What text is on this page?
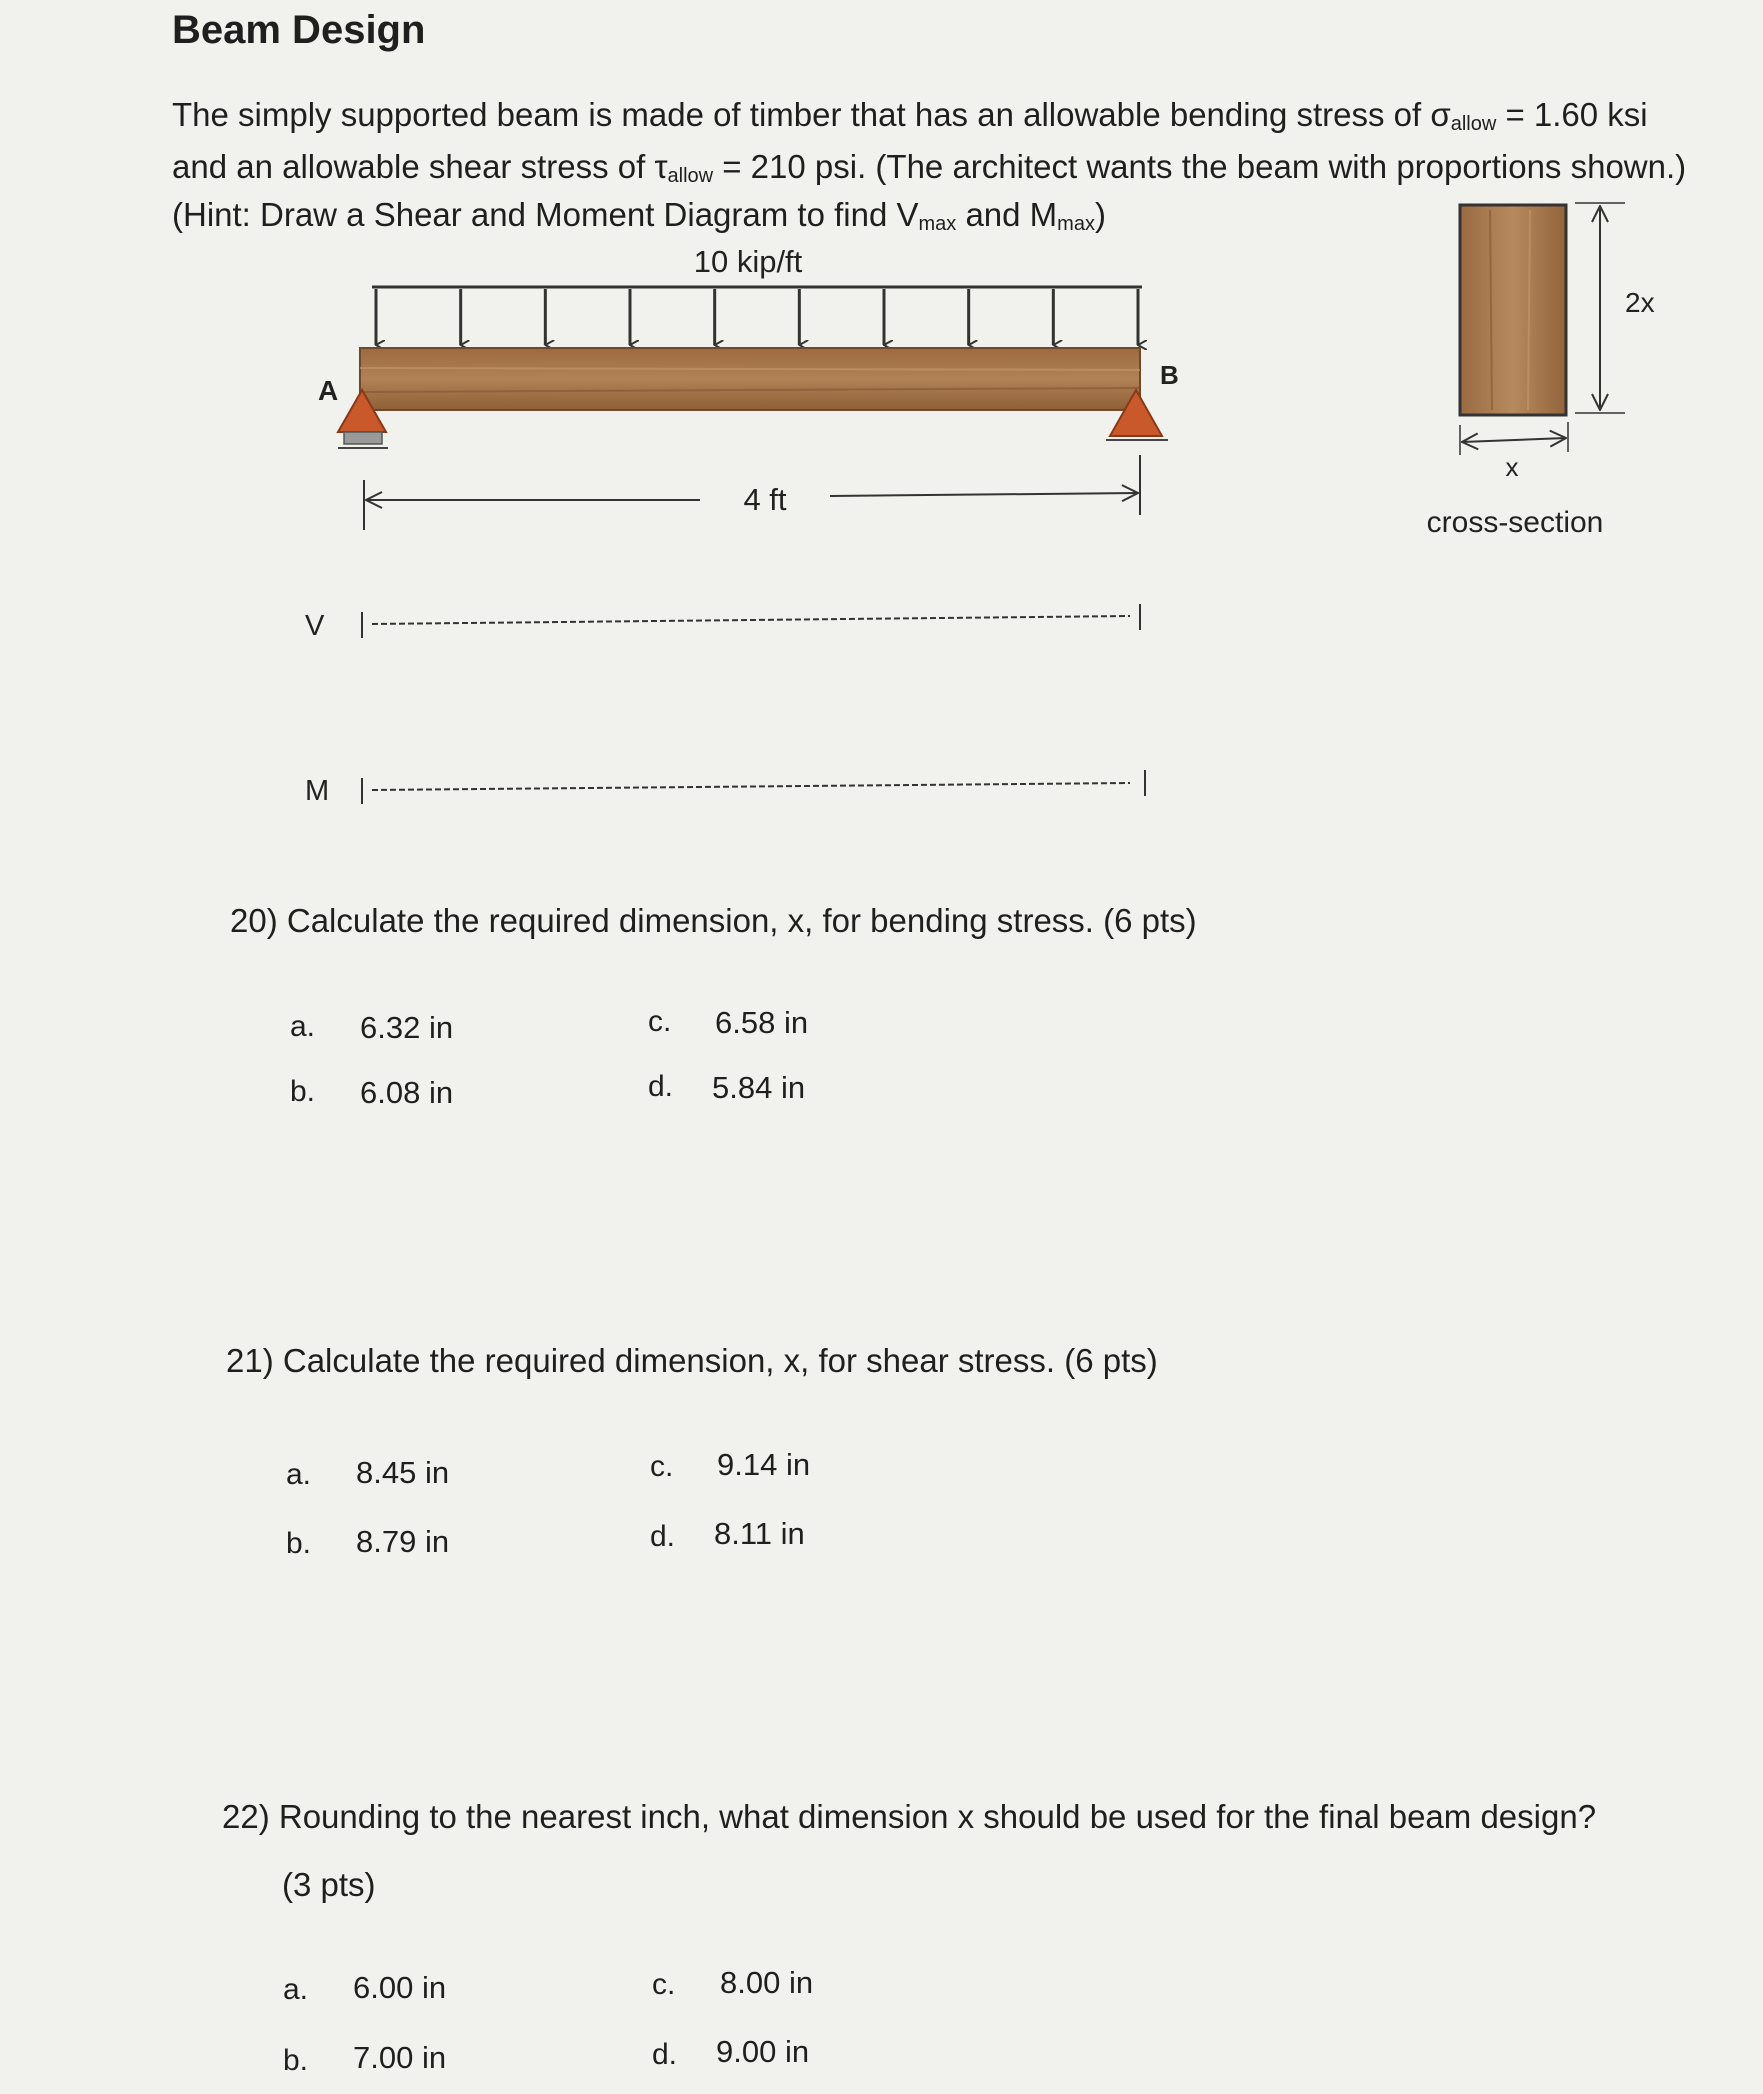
Beam Design
The simply supported beam is made of timber that has an allowable bending stress of $\sigma_{allow} = 1.60$ ksi
and an allowable shear stress of $\tau_{allow} = 210$ psi. (The architect wants the beam with proportions shown.)
(Hint: Draw a Shear and Moment Diagram to find $V_{max}$ and $M_{max}$)
10 kip/ft
A	B
4 ft
2x
x
cross-section
V
M
20) Calculate the required dimension, x, for bending stress. (6 pts)
a. 6.32 in
b. 6.08 in
c. 6.58 in
d. 5.84 in
21) Calculate the required dimension, x, for shear stress. (6 pts)
a. 8.45 in
b. 8.79 in
c. 9.14 in
d. 8.11 in
22) Rounding to the nearest inch, what dimension x should be used for the final beam design?
(3 pts)
a. 6.00 in
b. 7.00 in
c. 8.00 in
d. 9.00 in
